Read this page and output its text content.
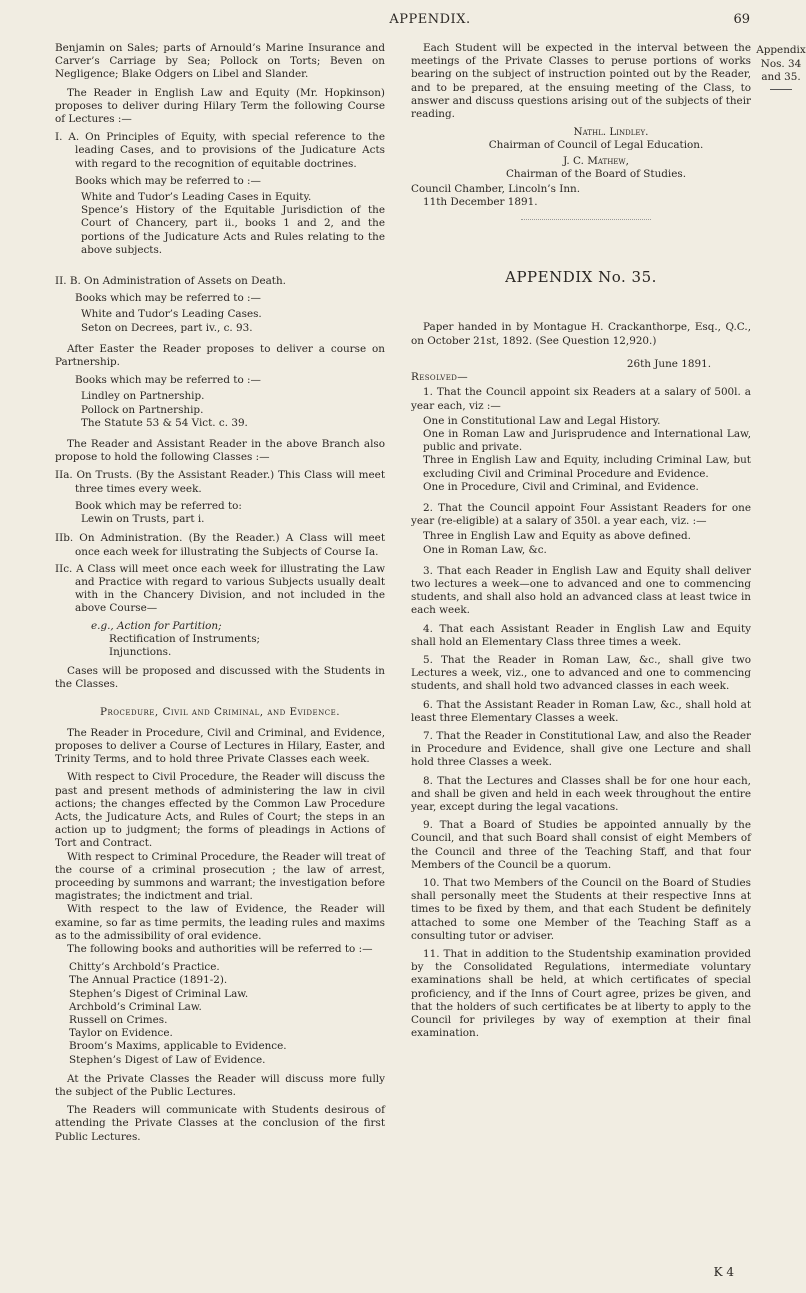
APPENDIX.	69
Appendix
Nos. 34 and 35.

Benjamin on Sales; parts of Arnould’s Marine Insurance and Carver’s Carriage by Sea; Pollock on Torts; Beven on Negligence; Blake Odgers on Libel and Slander.

The Reader in English Law and Equity (Mr. Hopkinson) proposes to deliver during Hilary Term the following Course of Lectures :—

I. A. On Principles of Equity, with special reference to the leading Cases, and to provisions of the Judicature Acts with regard to the recognition of equitable doctrines.

Books which may be referred to :—

White and Tudor’s Leading Cases in Equity.

Spence’s History of the Equitable Jurisdiction of the Court of Chancery, part ii., books 1 and 2, and the portions of the Judicature Acts and Rules relating to the above subjects.

II. B. On Administration of Assets on Death.

Books which may be referred to :—

White and Tudor’s Leading Cases.

Seton on Decrees, part iv., c. 93.

After Easter the Reader proposes to deliver a course on Partnership.

Books which may be referred to :—

Lindley on Partnership.

Pollock on Partnership.

The Statute 53 & 54 Vict. c. 39.

The Reader and Assistant Reader in the above Branch also propose to hold the following Classes :—

IIa. On Trusts. (By the Assistant Reader.) This Class will meet three times every week.

Book which may be referred to:

Lewin on Trusts, part i.

IIb. On Administration. (By the Reader.) A Class will meet once each week for illustrating the Subjects of Course Ia.

IIc. A Class will meet once each week for illustrating the Law and Practice with regard to various Subjects usually dealt with in the Chancery Division, and not included in the above Course—

e.g., Action for Partition;

Rectification of Instruments;

Injunctions.

Cases will be proposed and discussed with the Students in the Classes.

Procedure, Civil and Criminal, and Evidence.

The Reader in Procedure, Civil and Criminal, and Evidence, proposes to deliver a Course of Lectures in Hilary, Easter, and Trinity Terms, and to hold three Private Classes each week.

With respect to Civil Procedure, the Reader will discuss the past and present methods of administering the law in civil actions; the changes effected by the Common Law Procedure Acts, the Judicature Acts, and Rules of Court; the steps in an action up to judgment; the forms of pleadings in Actions of Tort and Contract.

With respect to Criminal Procedure, the Reader will treat of the course of a criminal prosecution ; the law of arrest, proceeding by summons and warrant; the investigation before magistrates; the indictment and trial.

With respect to the law of Evidence, the Reader will examine, so far as time permits, the leading rules and maxims as to the admissibility of oral evidence.

The following books and authorities will be referred to :—

Chitty’s Archbold’s Practice.

The Annual Practice (1891-2).

Stephen’s Digest of Criminal Law.

Archbold’s Criminal Law.

Russell on Crimes.

Taylor on Evidence.

Broom’s Maxims, applicable to Evidence.

Stephen’s Digest of Law of Evidence.

At the Private Classes the Reader will discuss more fully the subject of the Public Lectures.

The Readers will communicate with Students desirous of attending the Private Classes at the conclusion of the first Public Lectures.

Each Student will be expected in the interval between the meetings of the Private Classes to peruse portions of works bearing on the subject of instruction pointed out by the Reader, and to be prepared, at the ensuing meeting of the Class, to answer and discuss questions arising out of the subjects of their reading.

Nathl. Lindley.

Chairman of Council of Legal Education.

J. C. Mathew,

Chairman of the Board of Studies.

Council Chamber, Lincoln’s Inn.

11th December 1891.

APPENDIX No. 35.

Paper handed in by Montague H. Crackanthorpe, Esq., Q.C., on October 21st, 1892. (See Question 12,920.)

26th June 1891.

Resolved—

1. That the Council appoint six Readers at a salary of 500l. a year each, viz :—

One in Constitutional Law and Legal History.

One in Roman Law and Jurisprudence and International Law, public and private.

Three in English Law and Equity, including Criminal Law, but excluding Civil and Criminal Procedure and Evidence.

One in Procedure, Civil and Criminal, and Evidence.

2. That the Council appoint Four Assistant Readers for one year (re-eligible) at a salary of 350l. a year each, viz. :—

Three in English Law and Equity as above defined.

One in Roman Law, &c.

3. That each Reader in English Law and Equity shall deliver two lectures a week—one to advanced and one to commencing students, and shall also hold an advanced class at least twice in each week.

4. That each Assistant Reader in English Law and Equity shall hold an Elementary Class three times a week.

5. That the Reader in Roman Law, &c., shall give two Lectures a week, viz., one to advanced and one to commencing students, and shall hold two advanced classes in each week.

6. That the Assistant Reader in Roman Law, &c., shall hold at least three Elementary Classes a week.

7. That the Reader in Constitutional Law, and also the Reader in Procedure and Evidence, shall give one Lecture and shall hold three Classes a week.

8. That the Lectures and Classes shall be for one hour each, and shall be given and held in each week throughout the entire year, except during the legal vacations.

9. That a Board of Studies be appointed annually by the Council, and that such Board shall consist of eight Members of the Council and three of the Teaching Staff, and that four Members of the Council be a quorum.

10. That two Members of the Council on the Board of Studies shall personally meet the Students at their respective Inns at times to be fixed by them, and that each Student be definitely attached to some one Member of the Teaching Staff as a consulting tutor or adviser.

11. That in addition to the Studentship examination provided by the Consolidated Regulations, intermediate voluntary examinations shall be held, at which certificates of special proficiency, and if the Inns of Court agree, prizes be given, and that the holders of such certificates be at liberty to apply to the Council for privileges by way of exemption at their final examination.

K 4
